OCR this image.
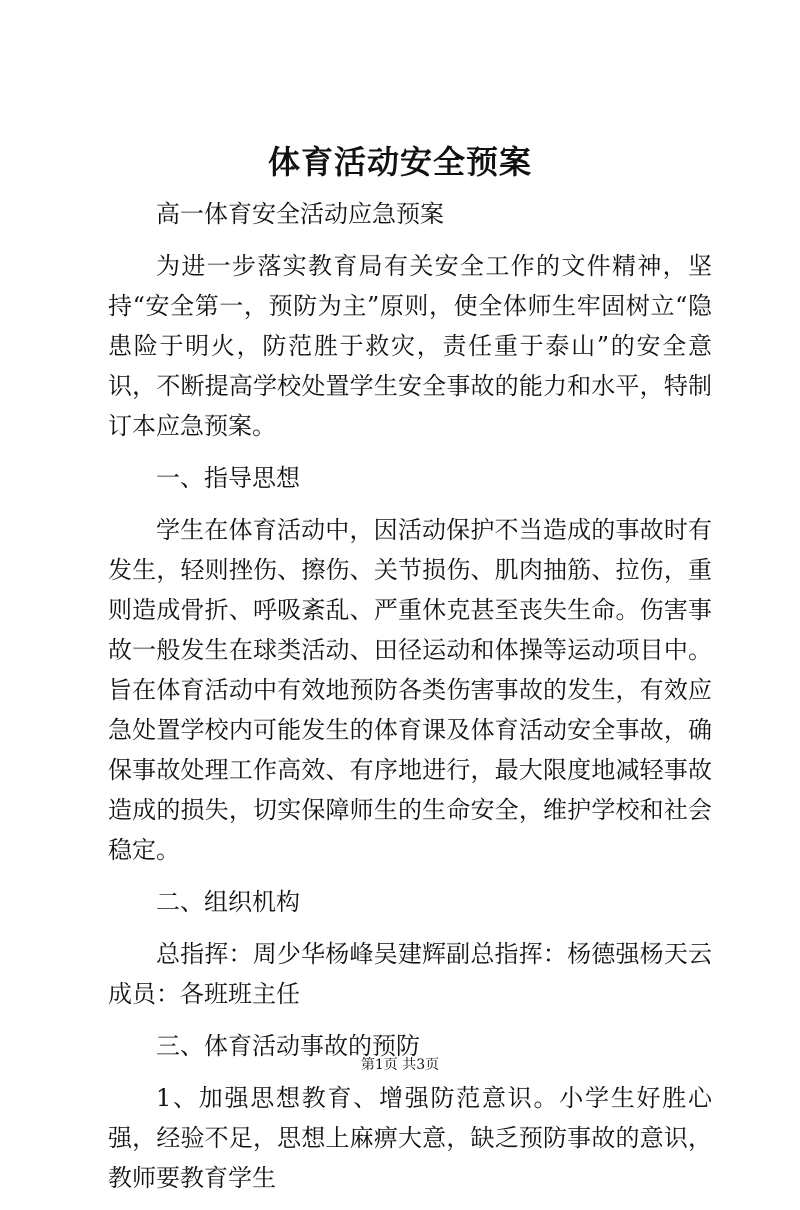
体育活动安全预案

高一体育安全活动应急预案

为进一步落实教育局有关安全工作的文件精神，坚持“安全第一，预防为主”原则，使全体师生牢固树立“隐患险于明火，防范胜于救灾，责任重于泰山”的安全意识，不断提高学校处置学生安全事故的能力和水平，特制订本应急预案。

一、指导思想

学生在体育活动中，因活动保护不当造成的事故时有发生，轻则挫伤、擦伤、关节损伤、肌肉抽筋、拉伤，重则造成骨折、呼吸紊乱、严重休克甚至丧失生命。伤害事故一般发生在球类活动、田径运动和体操等运动项目中。旨在体育活动中有效地预防各类伤害事故的发生，有效应急处置学校内可能发生的体育课及体育活动安全事故，确保事故处理工作高效、有序地进行，最大限度地减轻事故造成的损失，切实保障师生的生命安全，维护学校和社会稳定。

二、组织机构

总指挥：周少华杨峰吴建辉副总指挥：杨德强杨天云成员：各班班主任

三、体育活动事故的预防

1、加强思想教育、增强防范意识。小学生好胜心强，经验不足，思想上麻痹大意，缺乏预防事故的意识，教师要教育学生

第1页 共3页
